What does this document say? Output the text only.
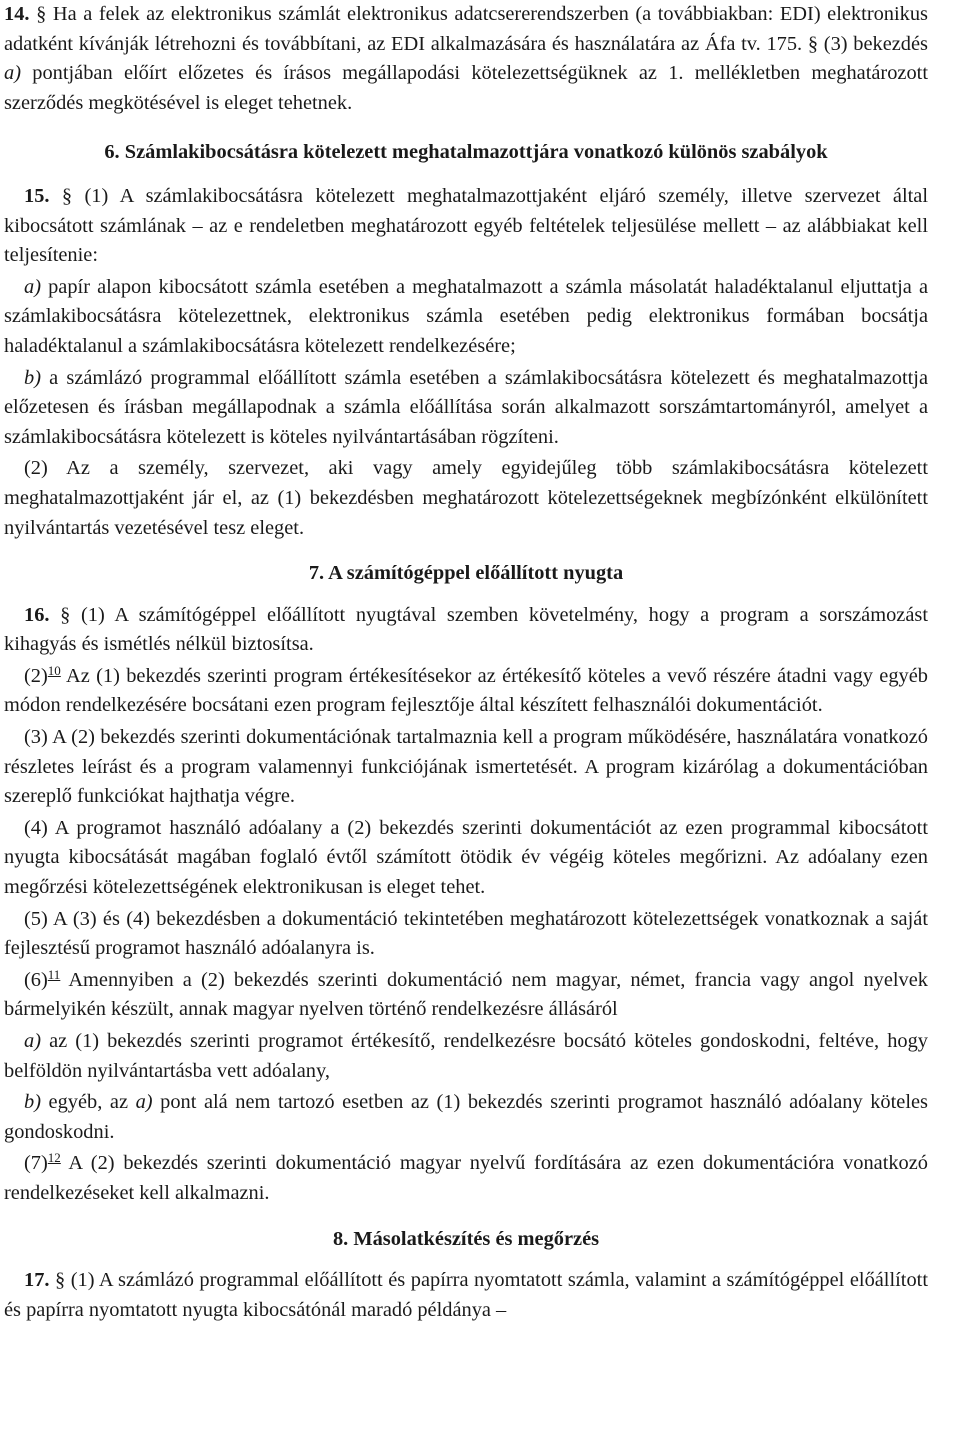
14. § Ha a felek az elektronikus számlát elektronikus adatcsererendszerben (a továbbiakban: EDI) elektronikus adatként kívánják létrehozni és továbbítani, az EDI alkalmazására és használatára az Áfa tv. 175. § (3) bekezdés a) pontjában előírt előzetes és írásos megállapodási kötelezettségüknek az 1. mellékletben meghatározott szerződés megkötésével is eleget tehetnek.

6. Számlakibocsátásra kötelezett meghatalmazottjára vonatkozó különös szabályok

15. § (1) A számlakibocsátásra kötelezett meghatalmazottjaként eljáró személy, illetve szervezet által kibocsátott számlának – az e rendeletben meghatározott egyéb feltételek teljesülése mellett – az alábbiakat kell teljesítenie:

a) papír alapon kibocsátott számla esetében a meghatalmazott a számla másolatát haladéktalanul eljuttatja a számlakibocsátásra kötelezettnek, elektronikus számla esetében pedig elektronikus formában bocsátja haladéktalanul a számlakibocsátásra kötelezett rendelkezésére;

b) a számlázó programmal előállított számla esetében a számlakibocsátásra kötelezett és meghatalmazottja előzetesen és írásban megállapodnak a számla előállítása során alkalmazott sorszámtartományról, amelyet a számlakibocsátásra kötelezett is köteles nyilvántartásában rögzíteni.

(2) Az a személy, szervezet, aki vagy amely egyidejűleg több számlakibocsátásra kötelezett meghatalmazottjaként jár el, az (1) bekezdésben meghatározott kötelezettségeknek megbízónként elkülönített nyilvántartás vezetésével tesz eleget.

7. A számítógéppel előállított nyugta

16. § (1) A számítógéppel előállított nyugtával szemben követelmény, hogy a program a sorszámozást kihagyás és ismétlés nélkül biztosítsa.

$(2)^{10}$ Az (1) bekezdés szerinti program értékesítésekor az értékesítő köteles a vevő részére átadni vagy egyéb módon rendelkezésére bocsátani ezen program fejlesztője által készített felhasználói dokumentációt.

(3) A (2) bekezdés szerinti dokumentációnak tartalmaznia kell a program működésére, használatára vonatkozó részletes leírást és a program valamennyi funkciójának ismertetését. A program kizárólag a dokumentációban szereplő funkciókat hajthatja végre.

(4) A programot használó adóalany a (2) bekezdés szerinti dokumentációt az ezen programmal kibocsátott nyugta kibocsátását magában foglaló évtől számított ötödik év végéig köteles megőrizni. Az adóalany ezen megőrzési kötelezettségének elektronikusan is eleget tehet.

(5) A (3) és (4) bekezdésben a dokumentáció tekintetében meghatározott kötelezettségek vonatkoznak a saját fejlesztésű programot használó adóalanyra is.

$(6)^{11}$ Amennyiben a (2) bekezdés szerinti dokumentáció nem magyar, német, francia vagy angol nyelvek bármelyikén készült, annak magyar nyelven történő rendelkezésre állásáról

a) az (1) bekezdés szerinti programot értékesítő, rendelkezésre bocsátó köteles gondoskodni, feltéve, hogy belföldön nyilvántartásba vett adóalany,

b) egyéb, az a) pont alá nem tartozó esetben az (1) bekezdés szerinti programot használó adóalany köteles gondoskodni.

$(7)^{12}$ A (2) bekezdés szerinti dokumentáció magyar nyelvű fordítására az ezen dokumentációra vonatkozó rendelkezéseket kell alkalmazni.

8. Másolatkészítés és megőrzés

17. § (1) A számlázó programmal előállított és papírra nyomtatott számla, valamint a számítógéppel előállított és papírra nyomtatott nyugta kibocsátónál maradó példánya –
